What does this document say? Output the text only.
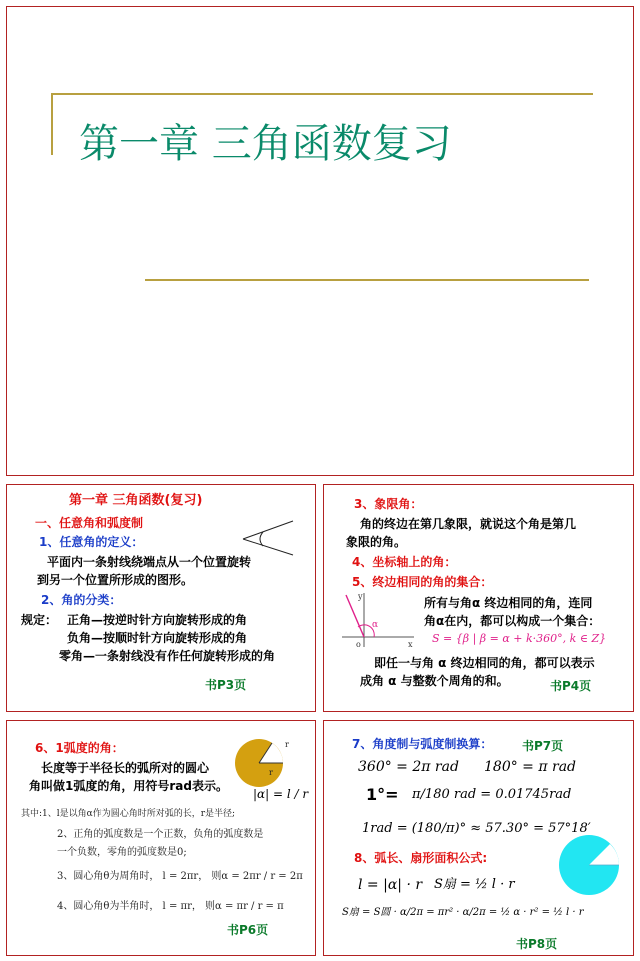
第一章 三角函数复习
第一章 三角函数(复习)
一、任意角和弧度制
1、任意角的定义：
平面内一条射线绕端点从一个位置旋转
到另一个位置所形成的图形。
2、角的分类：
规定： 正角—按逆时针方向旋转形成的角
负角—按顺时针方向旋转形成的角
零角—一条射线没有作任何旋转形成的角
书P3页
3、象限角：
角的终边在第几象限，就说这个角是第几
象限的角。
4、坐标轴上的角：
5、终边相同的角的集合：
y
x
o
α
所有与角α 终边相同的角，连同
角α在内，都可以构成一个集合：
S = {β | β = α + k·360°, k ∈ Z}
即任一与角 α 终边相同的角，都可以表示
成角 α 与整数个周角的和。	书P4页
6、1弧度的角：
长度等于半径长的弧所对的圆心
角叫做1弧度的角，用符号rad表示。
r
r
|α| = l / r
其中:1、l是以角α作为圆心角时所对弧的长，r是半径;
2、正角的弧度数是一个正数，负角的弧度数是
一个负数，零角的弧度数是0;
3、圆心角θ为周角时， l = 2πr， 则α = 2πr / r = 2π
4、圆心角θ为半角时， l = πr， 则α = πr / r = π
书P6页
7、角度制与弧度制换算： 书P7页
360° = 2π rad 180° = π rad
1°= π/180 rad = 0.01745rad
1rad = (180/π)° ≈ 57.30° = 57°18′
8、弧长、扇形面积公式:
l = |α| · r S扇 = ½ l · r
S扇 = S圆 · α/2π = πr² · α/2π = ½ α · r² = ½ l · r
书P8页
